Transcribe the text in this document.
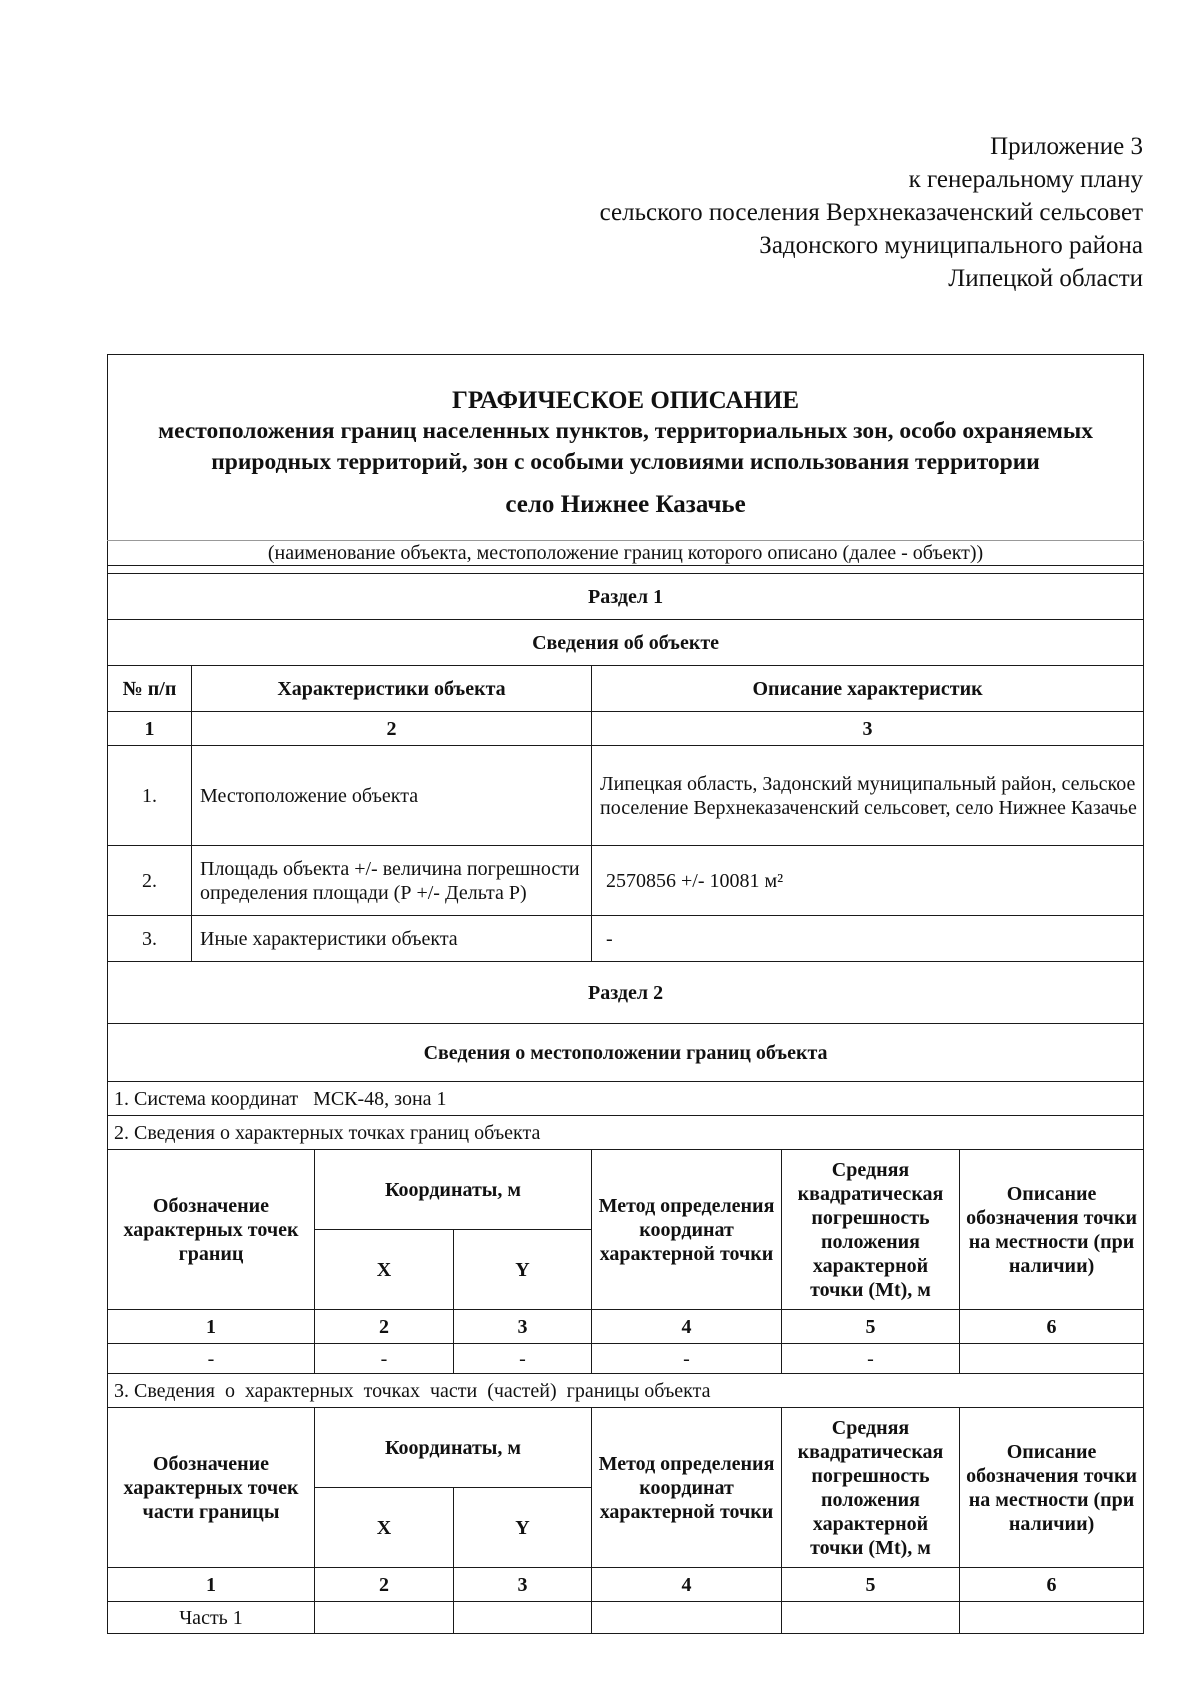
Приложение 3
к генеральному плану
сельского поселения Верхнеказаченский сельсовет
Задонского муниципального района
Липецкой области
ГРАФИЧЕСКОЕ ОПИСАНИЕ
местоположения границ населенных пунктов, территориальных зон, особо охраняемых природных территорий, зон с особыми условиями использования территории
село Нижнее Казачье						

(наименование объекта, местоположение границ которого описано (далее - объект))						

Раздел 1						
Сведения об объекте						
№ п/п	Характеристики объекта			Описание характеристик		
1	2			3		
1.	Местоположение объекта			Липецкая область, Задонский муниципальный район, сельское поселение Верхнеказаченский сельсовет, село Нижнее Казачье		
2.	Площадь объекта +/- величина погрешности определения площади (Р +/- Дельта Р)			2570856 +/- 10081 м²		
3.	Иные характеристики объекта			-		
Раздел 2						
Сведения о местоположении границ объекта						
1. Система координат МСК-48, зона 1						
2. Сведения о характерных точках границ объекта						
Обозначение характерных точек границ		Координаты, м		Метод определения координат характерной точки	Средняя квадратическая погрешность положения характерной точки (Мt), м	Описание обозначения точки на местности (при наличии)
		X	Y			
1		2	3	4	5	6
-		-	-	-	-	
3. Сведения  о  характерных  точках  части  (частей)  границы объекта						
Обозначение характерных точек части границы		Координаты, м		Метод определения координат характерной точки	Средняя квадратическая погрешность положения характерной точки (Мt), м	Описание обозначения точки на местности (при наличии)
		X	Y			
1		2	3	4	5	6
Часть 1						
